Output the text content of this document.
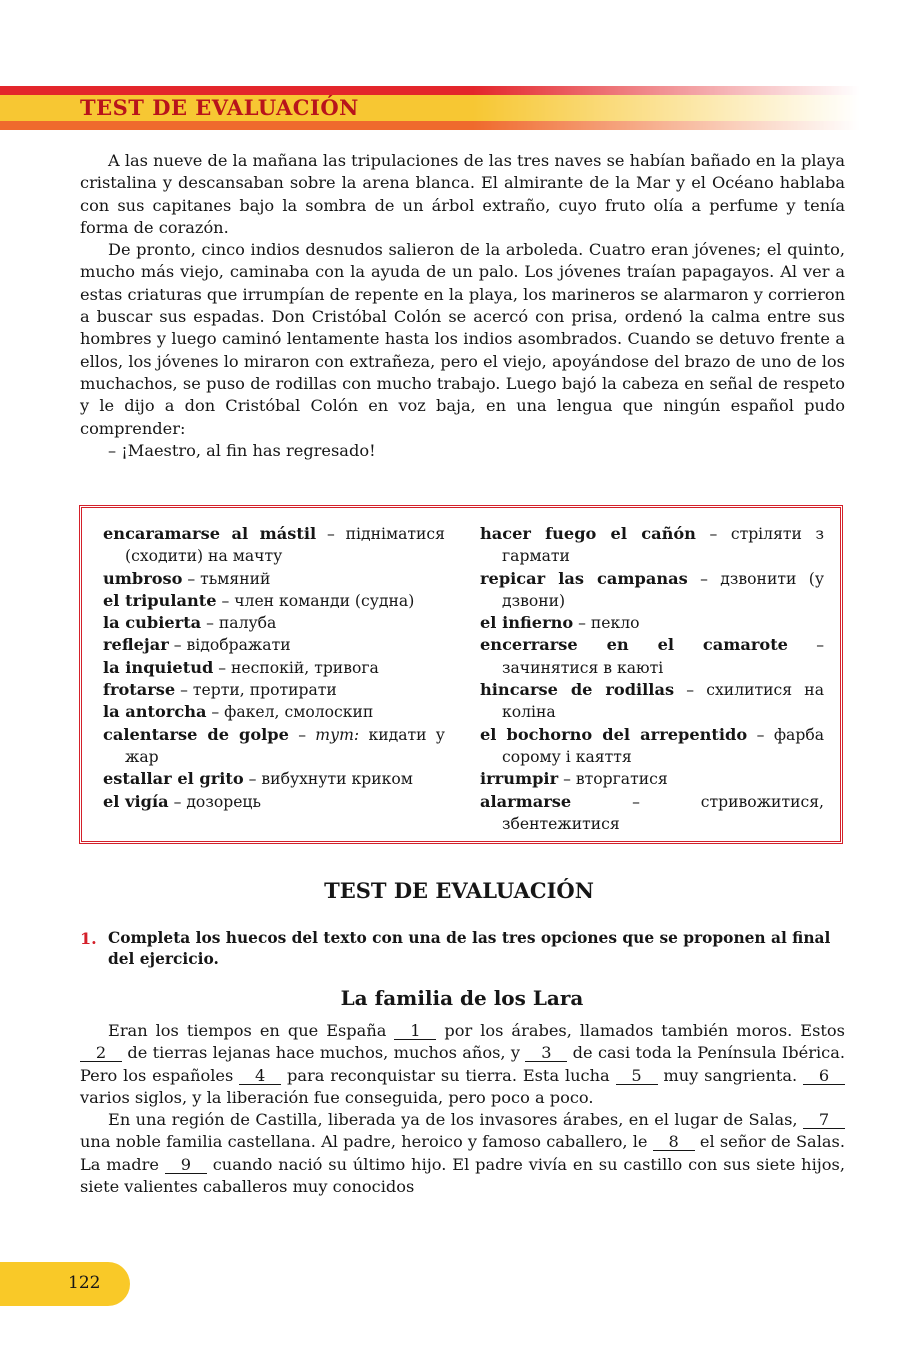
TEST DE EVALUACIÓN

A las nueve de la mañana las tripulaciones de las tres naves se habían bañado en la playa cristalina y descansaban sobre la arena blanca. El almirante de la Mar y el Océano hablaba con sus capitanes bajo la sombra de un árbol extraño, cuyo fruto olía a perfume y tenía forma de corazón.

De pronto, cinco indios desnudos salieron de la arboleda. Cuatro eran jóvenes; el quinto, mucho más viejo, caminaba con la ayuda de un palo. Los jóvenes traían papagayos. Al ver a estas criaturas que irrumpían de repente en la playa, los marineros se alarmaron y corrieron a buscar sus espadas. Don Cristóbal Colón se acercó con prisa, ordenó la calma entre sus hombres y luego caminó lentamente hasta los indios asombrados. Cuando se detuvo frente a ellos, los jóvenes lo miraron con extrañeza, pero el viejo, apoyándose del brazo de uno de los muchachos, se puso de rodillas con mucho trabajo. Luego bajó la cabeza en señal de respeto y le dijo a don Cristóbal Colón en voz baja, en una lengua que ningún español pudo comprender:

– ¡Maestro, al fin has regresado!

encaramarse al mástil – підніматися (сходити) на мачту

umbroso – тьмяний

el tripulante – член команди (судна)

la cubierta – палуба

reflejar – відображати

la inquietud – неспокій, тривога

frotarse – терти, протирати

la antorcha – факел, смолоскип

calentarse de golpe – тут: кидати у жар

estallar el grito – вибухнути криком

el vigía – дозорець

hacer fuego el cañón – стріляти з гармати

repicar las campanas – дзвонити (у дзвони)

el infierno – пекло

encerrarse en el camarote – зачинятися в каюті

hincarse de rodillas – схилитися на коліна

el bochorno del arrepentido – фарба сорому і каяття

irrumpir – вторгатися

alarmarse – стривожитися, збентежитися

TEST DE EVALUACIÓN
1. Completa los huecos del texto con una de las tres opciones que se proponen al final del ejercicio.
La familia de los Lara

Eran los tiempos en que España 1 por los árabes, llamados también moros. Estos 2 de tierras lejanas hace muchos, muchos años, y 3 de casi toda la Península Ibérica. Pero los españoles 4 para reconquistar su tierra. Esta lucha 5 muy sangrienta. 6 varios siglos, y la liberación fue conseguida, pero poco a poco.

En una región de Castilla, liberada ya de los invasores árabes, en el lugar de Salas, 7 una noble familia castellana. Al padre, heroico y famoso caballero, le 8 el señor de Salas. La madre 9 cuando nació su último hijo. El padre vivía en su castillo con sus siete hijos, siete valientes caballeros muy conocidos

122
